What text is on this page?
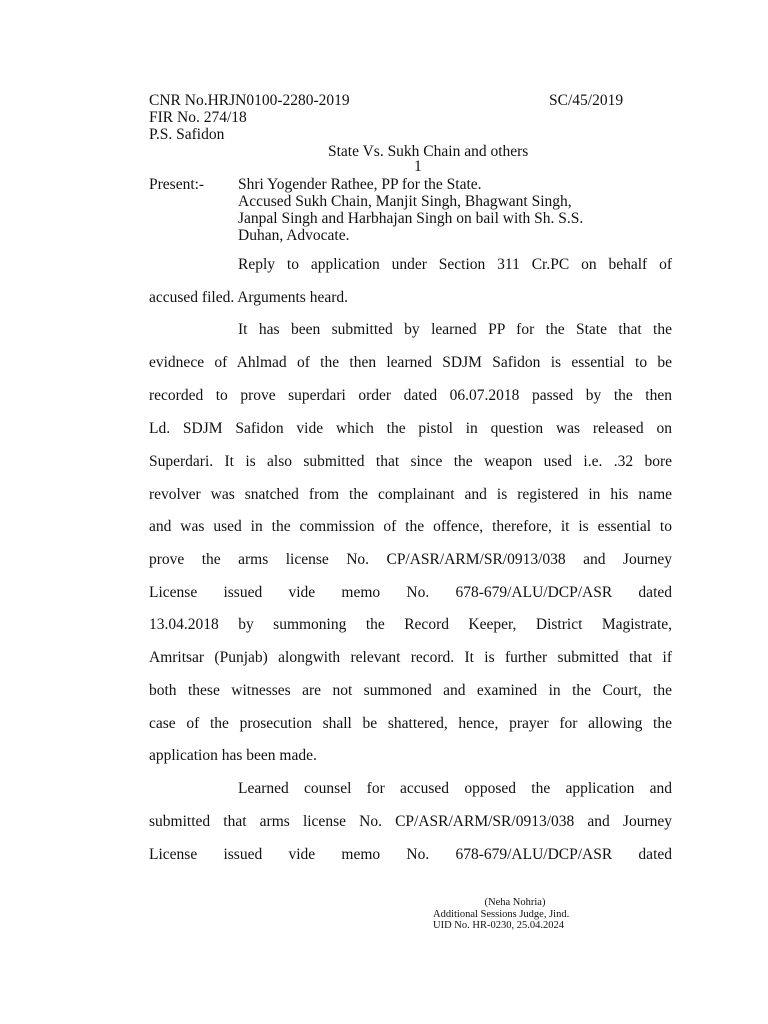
CNR No.HRJN0100-2280-2019	SC/45/2019
FIR No. 274/18
P.S. Safidon
State Vs. Sukh Chain and others
1
Present:- Shri Yogender Rathee, PP for the State.
Accused Sukh Chain, Manjit Singh, Bhagwant Singh,
Janpal Singh and Harbhajan Singh on bail with Sh. S.S.
Duhan, Advocate.
Reply to application under Section 311 Cr.PC on behalf of
accused filed. Arguments heard.
It has been submitted by learned PP for the State that the
evidnece of Ahlmad of the then learned SDJM Safidon is essential to be
recorded to prove superdari order dated 06.07.2018 passed by the then
Ld. SDJM Safidon vide which the pistol in question was released on
Superdari. It is also submitted that since the weapon used i.e. .32 bore
revolver was snatched from the complainant and is registered in his name
and was used in the commission of the offence, therefore, it is essential to
prove the arms license No. CP/ASR/ARM/SR/0913/038 and Journey
License issued vide memo No. 678-679/ALU/DCP/ASR dated
13.04.2018 by summoning the Record Keeper, District Magistrate,
Amritsar (Punjab) alongwith relevant record. It is further submitted that if
both these witnesses are not summoned and examined in the Court, the
case of the prosecution shall be shattered, hence, prayer for allowing the
application has been made.
Learned counsel for accused opposed the application and
submitted that arms license No. CP/ASR/ARM/SR/0913/038 and Journey
License issued vide memo No. 678-679/ALU/DCP/ASR dated
(Neha Nohria)
Additional Sessions Judge, Jind.
UID No. HR-0230, 25.04.2024
